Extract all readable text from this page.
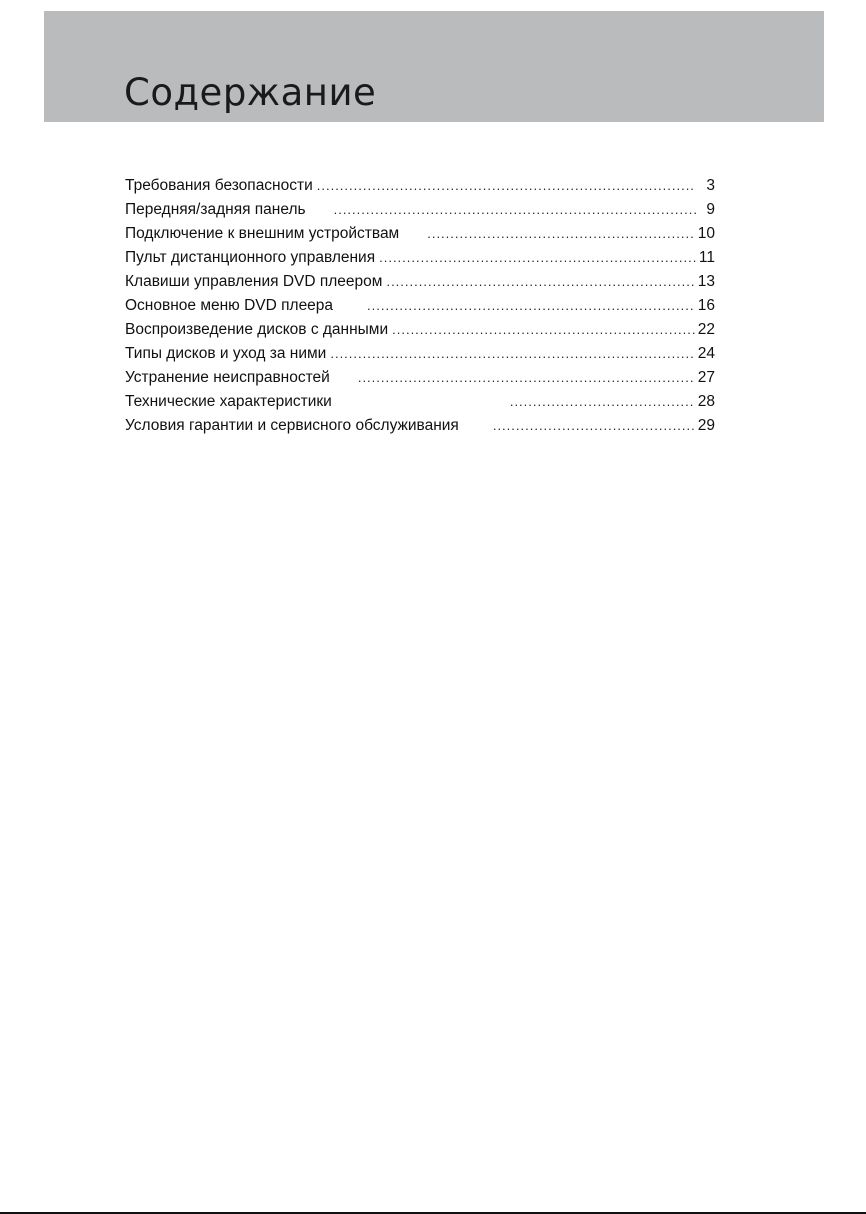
Содержание
Требования безопасности .....	3
Передняя/задняя панель .....	9
Подключение к внешним устройствам .....	10
Пульт дистанционного управления .....	11
Клавиши управления DVD плеером .....	13
Основное меню DVD плеера .....	16
Воспроизведение дисков с данными .....	22
Типы дисков и уход за ними .....	24
Устранение неисправностей .....	27
Технические характеристики .....	28
Условия гарантии и сервисного обслуживания .....	29
